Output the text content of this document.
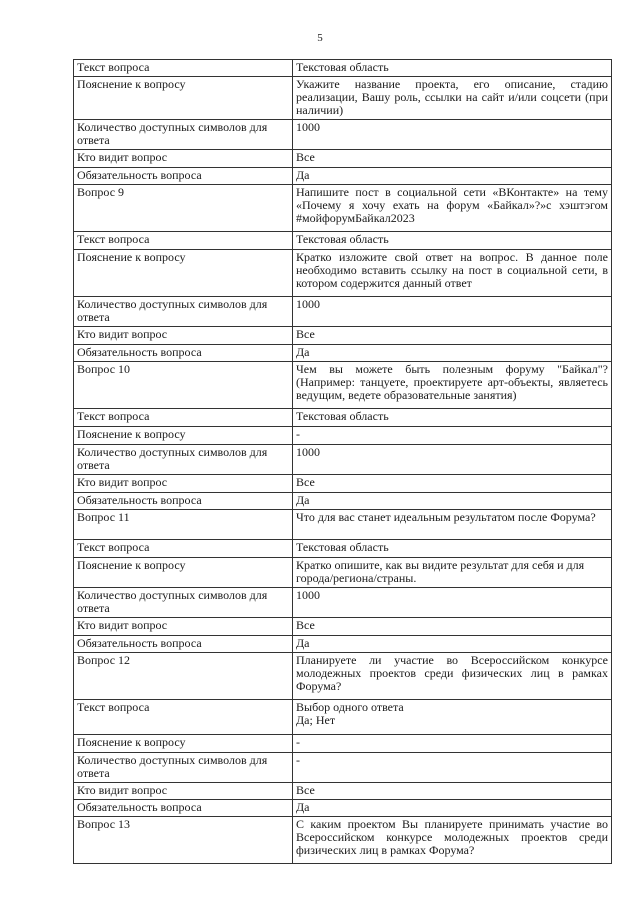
5
Текст вопроса	Текстовая область

Пояснение к вопросу	Укажите название проекта, его описание, стадию реализации, Вашу роль, ссылки на сайт и/или соцсети (при наличии)

Количество доступных символов для ответа	1000

Кто видит вопрос	Все

Обязательность вопроса	Да

Вопрос 9	Напишите пост в социальной сети «ВКонтакте» на тему «Почему я хочу ехать на форум «Байкал»?»с хэштэгом #мойфорумБайкал2023

Текст вопроса	Текстовая область

Пояснение к вопросу	Кратко изложите свой ответ на вопрос. В данное поле необходимо вставить ссылку на пост в социальной сети, в котором содержится данный ответ

Количество доступных символов для ответа	1000

Кто видит вопрос	Все

Обязательность вопроса	Да

Вопрос 10	Чем вы можете быть полезным форуму "Байкал"? (Например: танцуете, проектируете арт-объекты, являетесь ведущим, ведете образовательные занятия)

Текст вопроса	Текстовая область

Пояснение к вопросу	-

Количество доступных символов для ответа	1000

Кто видит вопрос	Все

Обязательность вопроса	Да

Вопрос 11	Что для вас станет идеальным результатом после Форума?

Текст вопроса	Текстовая область

Пояснение к вопросу	Кратко опишите, как вы видите результат для себя и для города/региона/страны.

Количество доступных символов для ответа	1000

Кто видит вопрос	Все

Обязательность вопроса	Да

Вопрос 12	Планируете ли участие во Всероссийском конкурсе молодежных проектов среди физических лиц в рамках Форума?

Текст вопроса	Выбор одного ответа
Да; Нет

Пояснение к вопросу	-

Количество доступных символов для ответа	-

Кто видит вопрос	Все

Обязательность вопроса	Да

Вопрос 13	С каким проектом Вы планируете принимать участие во Всероссийском конкурсе молодежных проектов среди физических лиц в рамках Форума?
